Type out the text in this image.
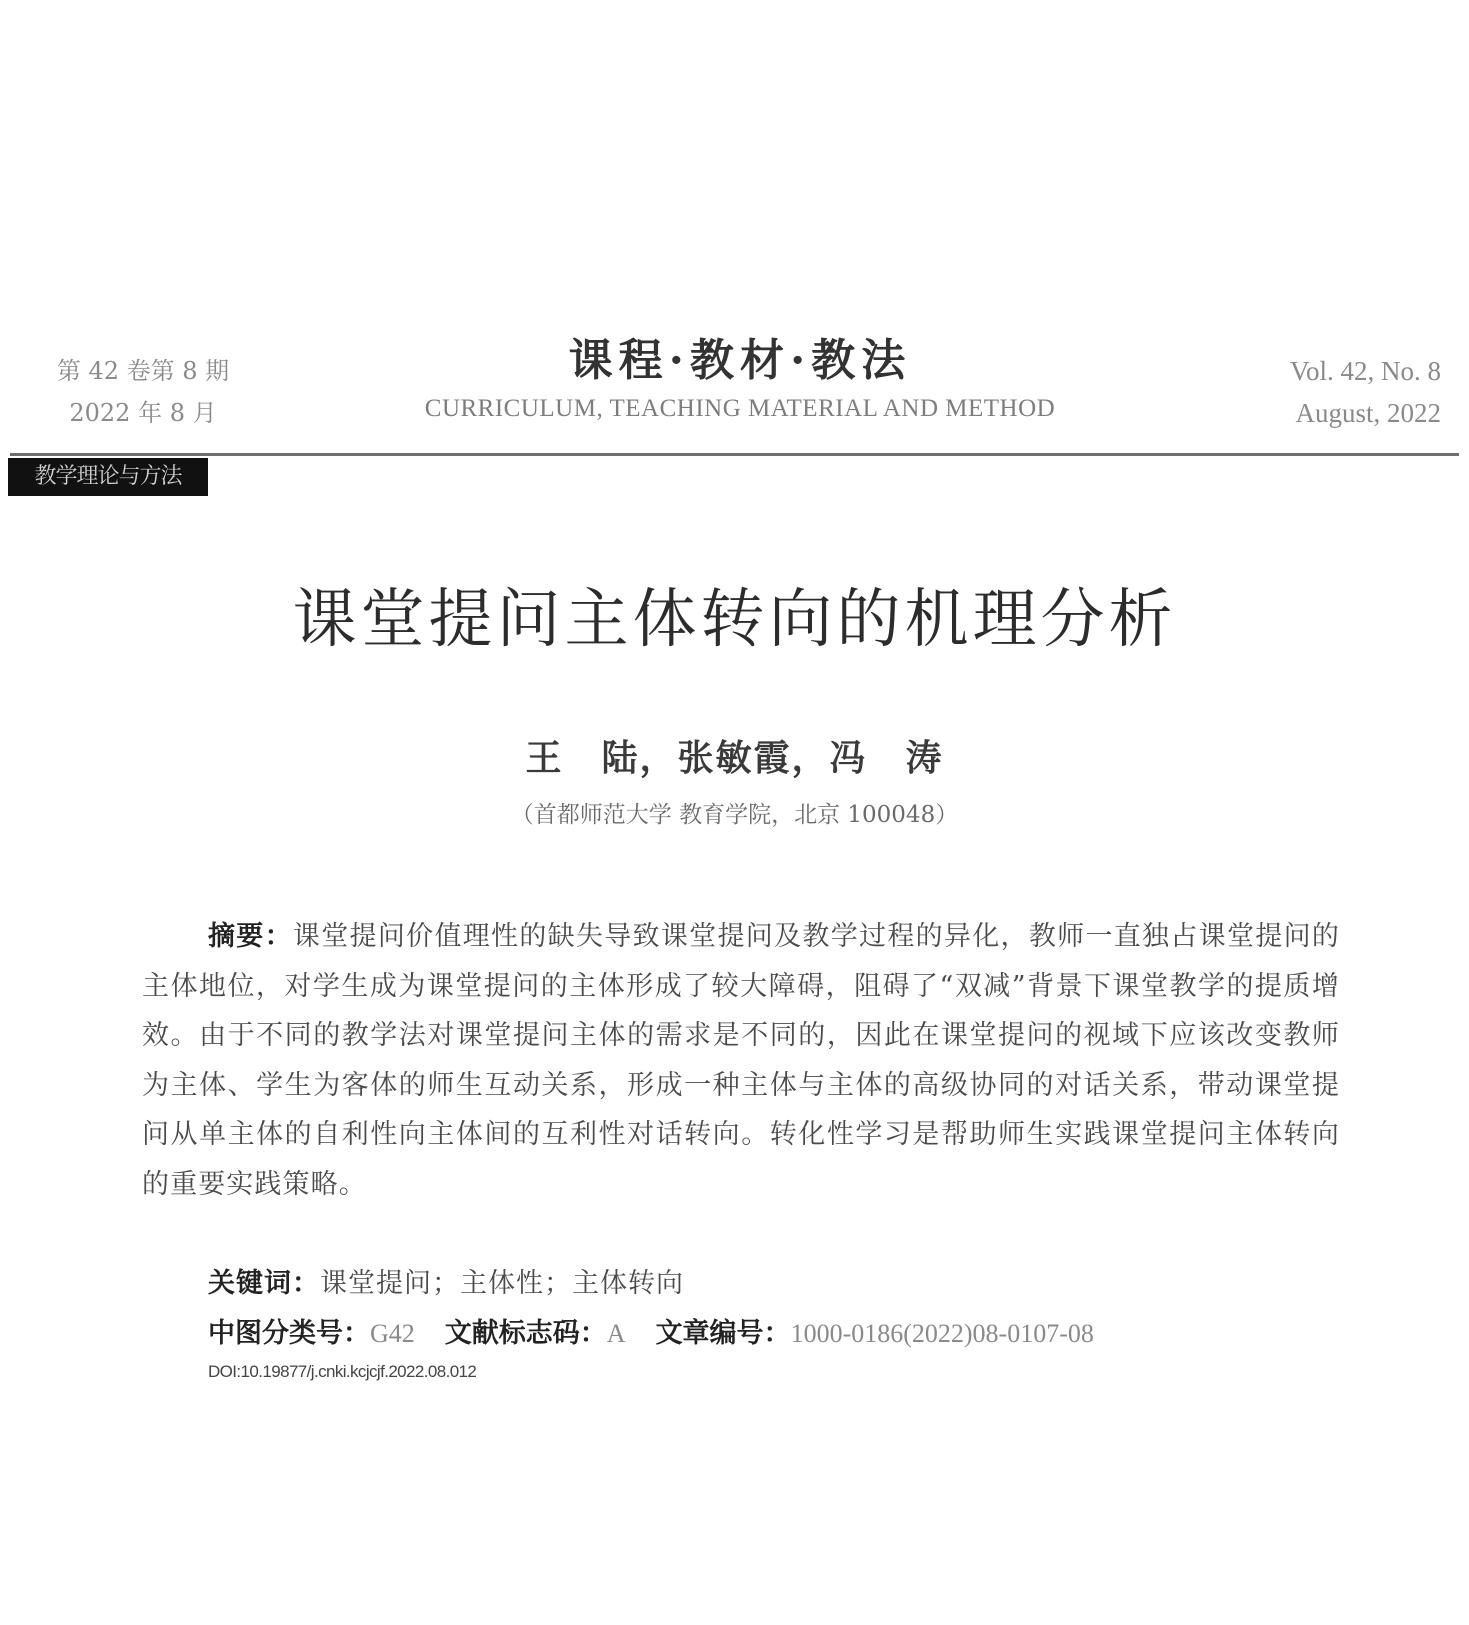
第 42 卷第 8 期
2022 年 8 月
课程·教材·教法
CURRICULUM, TEACHING MATERIAL AND METHOD
Vol. 42, No. 8
August, 2022
教学理论与方法
课堂提问主体转向的机理分析
王　陆，张敏霞，冯　涛
（首都师范大学 教育学院，北京 100048）
摘要：课堂提问价值理性的缺失导致课堂提问及教学过程的异化，教师一直独占课堂提问的主体地位，对学生成为课堂提问的主体形成了较大障碍，阻碍了“双减”背景下课堂教学的提质增效。由于不同的教学法对课堂提问主体的需求是不同的，因此在课堂提问的视域下应该改变教师为主体、学生为客体的师生互动关系，形成一种主体与主体的高级协同的对话关系，带动课堂提问从单主体的自利性向主体间的互利性对话转向。转化性学习是帮助师生实践课堂提问主体转向的重要实践策略。
关键词：课堂提问；主体性；主体转向
中图分类号：G42 文献标志码：A 文章编号：1000-0186(2022)08-0107-08
DOI:10.19877/j.cnki.kcjcjf.2022.08.012
